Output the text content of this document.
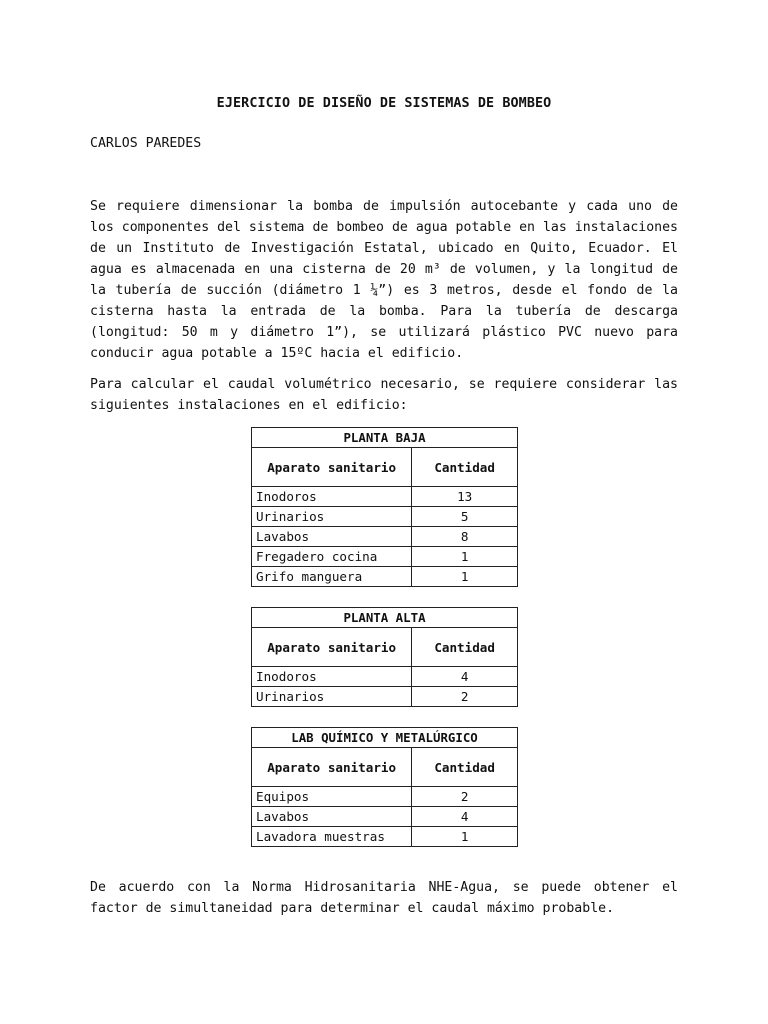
EJERCICIO DE DISEÑO DE SISTEMAS DE BOMBEO

CARLOS PAREDES

Se requiere dimensionar la bomba de impulsión autocebante y cada uno de los componentes del sistema de bombeo de agua potable en las instalaciones de un Instituto de Investigación Estatal, ubicado en Quito, Ecuador. El agua es almacenada en una cisterna de 20 m³ de volumen, y la longitud de la tubería de succión (diámetro 1 ¼”) es 3 metros, desde el fondo de la cisterna hasta la entrada de la bomba. Para la tubería de descarga (longitud: 50 m y diámetro 1”), se utilizará plástico PVC nuevo para conducir agua potable a 15ºC hacia el edificio.

Para calcular el caudal volumétrico necesario, se requiere considerar las siguientes instalaciones en el edificio:

PLANTA BAJA	
Aparato sanitario	Cantidad
Inodoros	13
Urinarios	5
Lavabos	8
Fregadero cocina	1
Grifo manguera	1
PLANTA ALTA	
Aparato sanitario	Cantidad
Inodoros	4
Urinarios	2
LAB QUÍMICO Y METALÚRGICO	
Aparato sanitario	Cantidad
Equipos	2
Lavabos	4
Lavadora muestras	1

De acuerdo con la Norma Hidrosanitaria NHE-Agua, se puede obtener el factor de simultaneidad para determinar el caudal máximo probable.
